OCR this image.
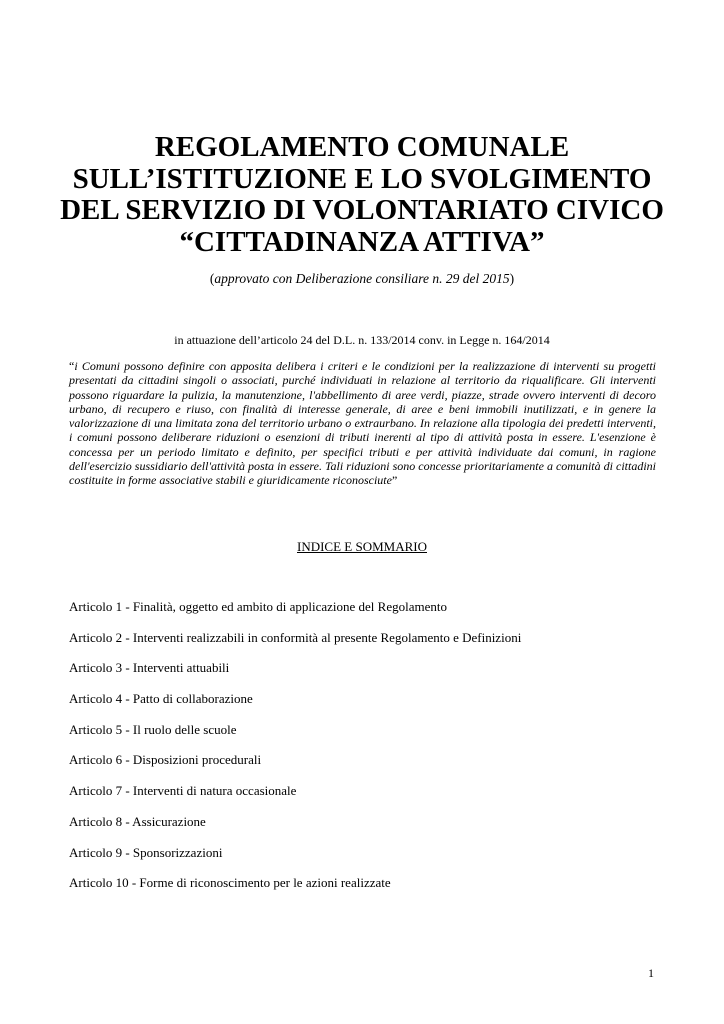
REGOLAMENTO COMUNALE
SULL’ISTITUZIONE E LO SVOLGIMENTO
DEL SERVIZIO DI VOLONTARIATO CIVICO
“CITTADINANZA ATTIVA”

(approvato con Deliberazione consiliare n. 29 del 2015)

in attuazione dell’articolo 24 del D.L. n. 133/2014 conv. in Legge n. 164/2014

“i Comuni possono definire con apposita delibera i criteri e le condizioni per la realizzazione di interventi su progetti presentati da cittadini singoli o associati, purché individuati in relazione al territorio da riqualificare. Gli interventi possono riguardare la pulizia, la manutenzione, l'abbellimento di aree verdi, piazze, strade ovvero interventi di decoro urbano, di recupero e riuso, con finalità di interesse generale, di aree e beni immobili inutilizzati, e in genere la valorizzazione di una limitata zona del territorio urbano o extraurbano. In relazione alla tipologia dei predetti interventi, i comuni possono deliberare riduzioni o esenzioni di tributi inerenti al tipo di attività posta in essere. L'esenzione è concessa per un periodo limitato e definito, per specifici tributi e per attività individuate dai comuni, in ragione dell'esercizio sussidiario dell'attività posta in essere. Tali riduzioni sono concesse prioritariamente a comunità di cittadini costituite in forme associative stabili e giuridicamente riconosciute”

INDICE E SOMMARIO

Articolo 1 - Finalità, oggetto ed ambito di applicazione del Regolamento
Articolo 2 - Interventi realizzabili in conformità al presente Regolamento e Definizioni
Articolo 3 - Interventi attuabili
Articolo 4 - Patto di collaborazione
Articolo 5 - Il ruolo delle scuole
Articolo 6 - Disposizioni procedurali
Articolo 7 - Interventi di natura occasionale
Articolo 8 - Assicurazione
Articolo 9 - Sponsorizzazioni
Articolo 10 - Forme di riconoscimento per le azioni realizzate
1
